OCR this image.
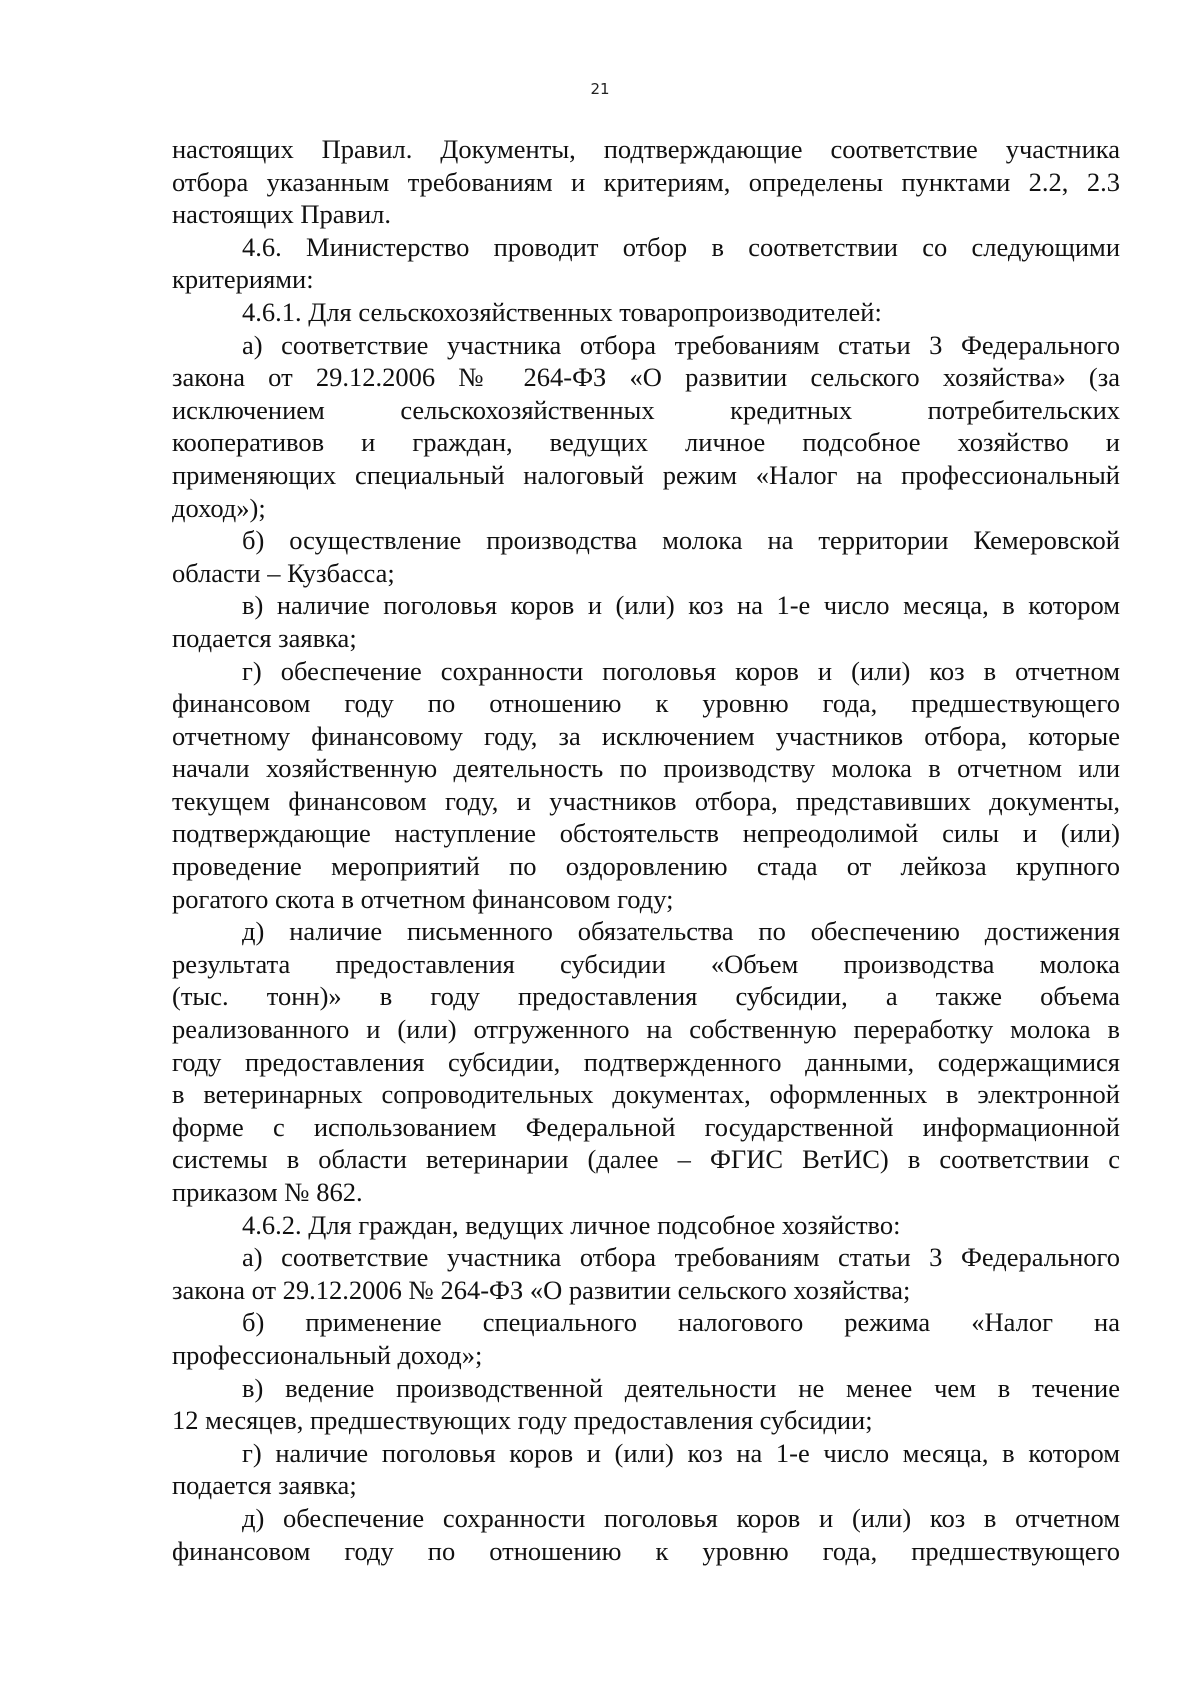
21
настоящих Правил. Документы, подтверждающие соответствие участника
отбора указанным требованиям и критериям, определены пунктами 2.2, 2.3
настоящих Правил.
4.6. Министерство проводит отбор в соответствии со следующими
критериями:
4.6.1. Для сельскохозяйственных товаропроизводителей:
а) соответствие участника отбора требованиям статьи 3 Федерального
закона от 29.12.2006 № 264-ФЗ «О развитии сельского хозяйства» (за
исключением сельскохозяйственных кредитных потребительских
кооперативов и граждан, ведущих личное подсобное хозяйство и
применяющих специальный налоговый режим «Налог на профессиональный
доход»);
б) осуществление производства молока на территории Кемеровской
области – Кузбасса;
в) наличие поголовья коров и (или) коз на 1-е число месяца, в котором
подается заявка;
г) обеспечение сохранности поголовья коров и (или) коз в отчетном
финансовом году по отношению к уровню года, предшествующего
отчетному финансовому году, за исключением участников отбора, которые
начали хозяйственную деятельность по производству молока в отчетном или
текущем финансовом году, и участников отбора, представивших документы,
подтверждающие наступление обстоятельств непреодолимой силы и (или)
проведение мероприятий по оздоровлению стада от лейкоза крупного
рогатого скота в отчетном финансовом году;
д) наличие письменного обязательства по обеспечению достижения
результата предоставления субсидии «Объем производства молока
(тыс. тонн)» в году предоставления субсидии, а также объема
реализованного и (или) отгруженного на собственную переработку молока в
году предоставления субсидии, подтвержденного данными, содержащимися
в ветеринарных сопроводительных документах, оформленных в электронной
форме с использованием Федеральной государственной информационной
системы в области ветеринарии (далее – ФГИС ВетИС) в соответствии с
приказом № 862.
4.6.2. Для граждан, ведущих личное подсобное хозяйство:
а) соответствие участника отбора требованиям статьи 3 Федерального
закона от 29.12.2006 № 264-ФЗ «О развитии сельского хозяйства;
б) применение специального налогового режима «Налог на
профессиональный доход»;
в) ведение производственной деятельности не менее чем в течение
12 месяцев, предшествующих году предоставления субсидии;
г) наличие поголовья коров и (или) коз на 1-е число месяца, в котором
подается заявка;
д) обеспечение сохранности поголовья коров и (или) коз в отчетном
финансовом году по отношению к уровню года, предшествующего
